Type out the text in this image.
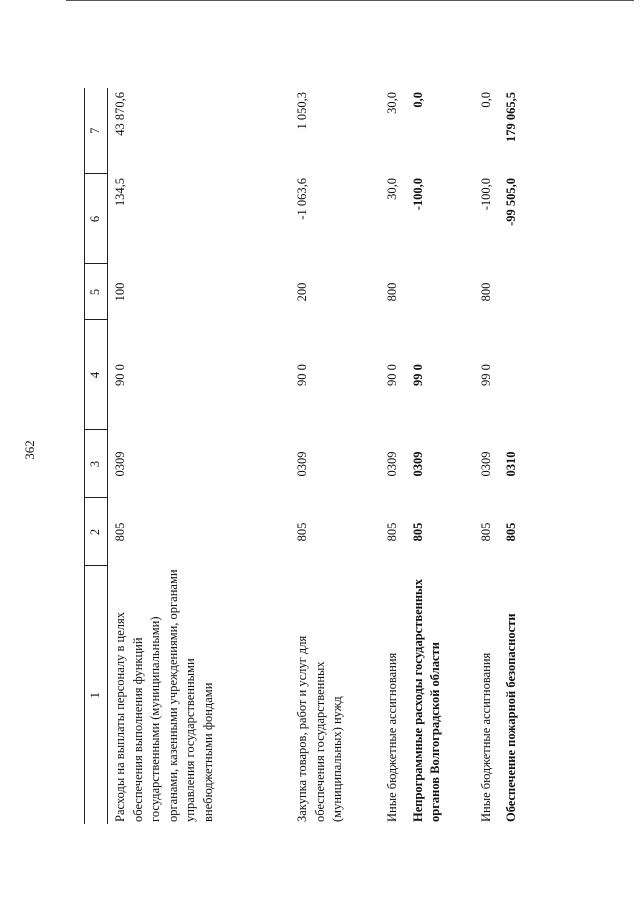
362
1	2	3	4	5	6	7
Расходы на выплаты персоналу в целях обеспечения выполнения функций государственными (муниципальными) органами, казенными учреждениями, органами управления государственными внебюджетными фондами	805	0309	90 0	100	134,5	43 870,6
Закупка товаров, работ и услуг для обеспечения государственных (муниципальных) нужд	805	0309	90 0	200	-1 063,6	1 050,3
Иные бюджетные ассигнования	805	0309	90 0	800	30,0	30,0
Непрограммные расходы государственных органов Волгоградской области	805	0309	99 0		-100,0	0,0
Иные бюджетные ассигнования	805	0309	99 0	800	-100,0	0,0
Обеспечение пожарной безопасности	805	0310			-99 505,0	179 065,5
